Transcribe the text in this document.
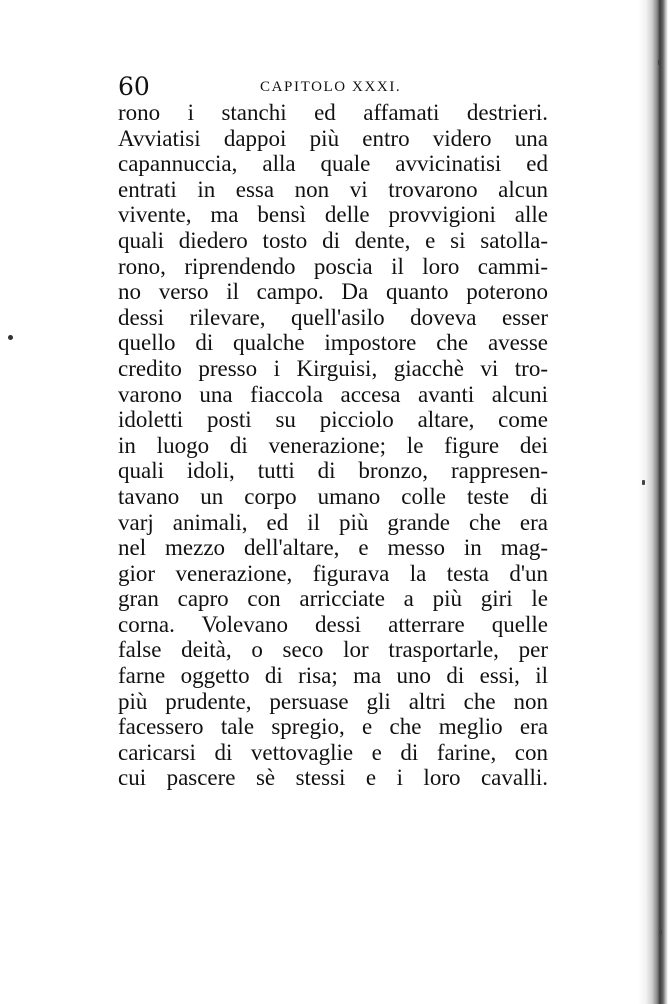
60	CAPITOLO XXXI.
rono i stanchi ed affamati destrieri.
Avviatisi dappoi più entro videro una
capannuccia, alla quale avvicinatisi ed
entrati in essa non vi trovarono alcun
vivente, ma bensì delle provvigioni alle
quali diedero tosto di dente, e si satolla-
rono, riprendendo poscia il loro cammi-
no verso il campo. Da quanto poterono
dessi rilevare, quell'asilo doveva esser
quello di qualche impostore che avesse
credito presso i Kirguisi, giacchè vi tro-
varono una fiaccola accesa avanti alcuni
idoletti posti su picciolo altare, come
in luogo di venerazione; le figure dei
quali idoli, tutti di bronzo, rappresen-
tavano un corpo umano colle teste di
varj animali, ed il più grande che era
nel mezzo dell'altare, e messo in mag-
gior venerazione, figurava la testa d'un
gran capro con arricciate a più giri le
corna. Volevano dessi atterrare quelle
false deità, o seco lor trasportarle, per
farne oggetto di risa; ma uno di essi, il
più prudente, persuase gli altri che non
facessero tale spregio, e che meglio era
caricarsi di vettovaglie e di farine, con
cui pascere sè stessi e i loro cavalli.
